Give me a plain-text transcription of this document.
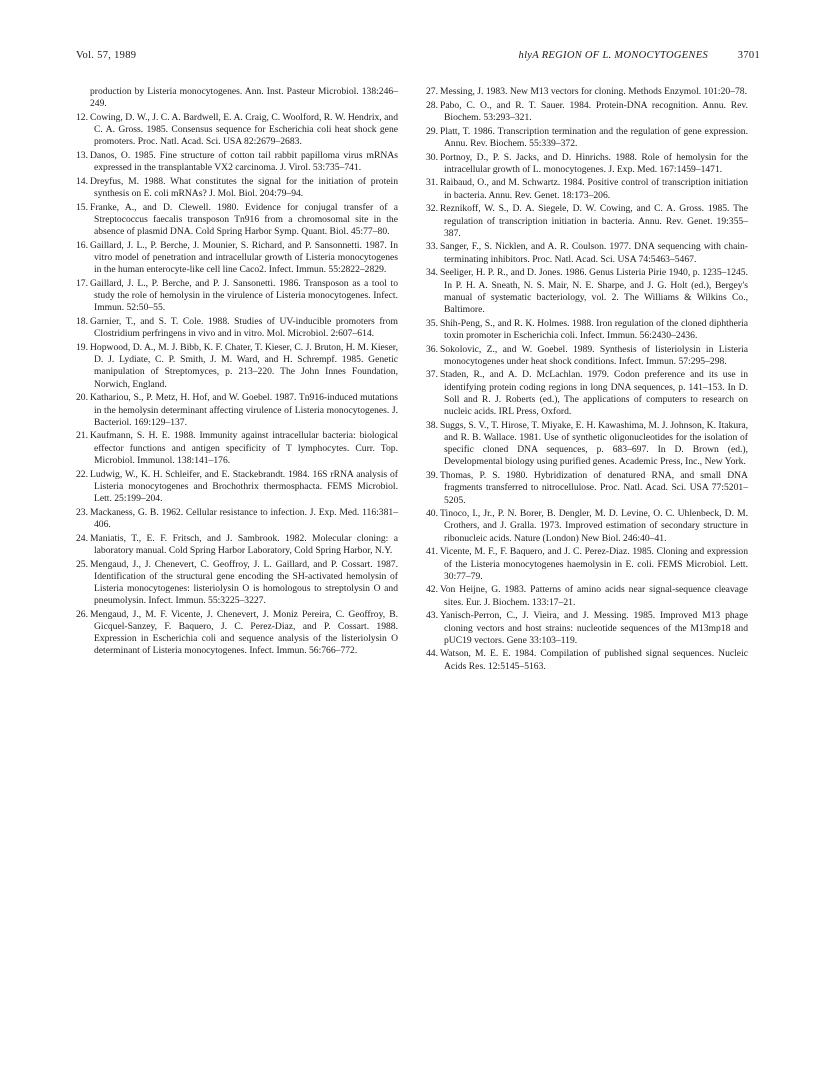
Vol. 57, 1989	hlyA REGION OF L. MONOCYTOGENES	3701

production by Listeria monocytogenes. Ann. Inst. Pasteur Microbiol. 138:246–249.

12. Cowing, D. W., J. C. A. Bardwell, E. A. Craig, C. Woolford, R. W. Hendrix, and C. A. Gross. 1985. Consensus sequence for Escherichia coli heat shock gene promoters. Proc. Natl. Acad. Sci. USA 82:2679–2683.

13. Danos, O. 1985. Fine structure of cotton tail rabbit papilloma virus mRNAs expressed in the transplantable VX2 carcinoma. J. Virol. 53:735–741.

14. Dreyfus, M. 1988. What constitutes the signal for the initiation of protein synthesis on E. coli mRNAs? J. Mol. Biol. 204:79–94.

15. Franke, A., and D. Clewell. 1980. Evidence for conjugal transfer of a Streptococcus faecalis transposon Tn916 from a chromosomal site in the absence of plasmid DNA. Cold Spring Harbor Symp. Quant. Biol. 45:77–80.

16. Gaillard, J. L., P. Berche, J. Mounier, S. Richard, and P. Sansonnetti. 1987. In vitro model of penetration and intracellular growth of Listeria monocytogenes in the human enterocyte-like cell line Caco2. Infect. Immun. 55:2822–2829.

17. Gaillard, J. L., P. Berche, and P. J. Sansonetti. 1986. Transposon as a tool to study the role of hemolysin in the virulence of Listeria monocytogenes. Infect. Immun. 52:50–55.

18. Garnier, T., and S. T. Cole. 1988. Studies of UV-inducible promoters from Clostridium perfringens in vivo and in vitro. Mol. Microbiol. 2:607–614.

19. Hopwood, D. A., M. J. Bibb, K. F. Chater, T. Kieser, C. J. Bruton, H. M. Kieser, D. J. Lydiate, C. P. Smith, J. M. Ward, and H. Schrempf. 1985. Genetic manipulation of Streptomyces, p. 213–220. The John Innes Foundation, Norwich, England.

20. Kathariou, S., P. Metz, H. Hof, and W. Goebel. 1987. Tn916-induced mutations in the hemolysin determinant affecting virulence of Listeria monocytogenes. J. Bacteriol. 169:129–137.

21. Kaufmann, S. H. E. 1988. Immunity against intracellular bacteria: biological effector functions and antigen specificity of T lymphocytes. Curr. Top. Microbiol. Immunol. 138:141–176.

22. Ludwig, W., K. H. Schleifer, and E. Stackebrandt. 1984. 16S rRNA analysis of Listeria monocytogenes and Brochothrix thermosphacta. FEMS Microbiol. Lett. 25:199–204.

23. Mackaness, G. B. 1962. Cellular resistance to infection. J. Exp. Med. 116:381–406.

24. Maniatis, T., E. F. Fritsch, and J. Sambrook. 1982. Molecular cloning: a laboratory manual. Cold Spring Harbor Laboratory, Cold Spring Harbor, N.Y.

25. Mengaud, J., J. Chenevert, C. Geoffroy, J. L. Gaillard, and P. Cossart. 1987. Identification of the structural gene encoding the SH-activated hemolysin of Listeria monocytogenes: listeriolysin O is homologous to streptolysin O and pneumolysin. Infect. Immun. 55:3225–3227.

26. Mengaud, J., M. F. Vicente, J. Chenevert, J. Moniz Pereira, C. Geoffroy, B. Gicquel-Sanzey, F. Baquero, J. C. Perez-Diaz, and P. Cossart. 1988. Expression in Escherichia coli and sequence analysis of the listeriolysin O determinant of Listeria monocytogenes. Infect. Immun. 56:766–772.

27. Messing, J. 1983. New M13 vectors for cloning. Methods Enzymol. 101:20–78.

28. Pabo, C. O., and R. T. Sauer. 1984. Protein-DNA recognition. Annu. Rev. Biochem. 53:293–321.

29. Platt, T. 1986. Transcription termination and the regulation of gene expression. Annu. Rev. Biochem. 55:339–372.

30. Portnoy, D., P. S. Jacks, and D. Hinrichs. 1988. Role of hemolysin for the intracellular growth of L. monocytogenes. J. Exp. Med. 167:1459–1471.

31. Raibaud, O., and M. Schwartz. 1984. Positive control of transcription initiation in bacteria. Annu. Rev. Genet. 18:173–206.

32. Reznikoff, W. S., D. A. Siegele, D. W. Cowing, and C. A. Gross. 1985. The regulation of transcription initiation in bacteria. Annu. Rev. Genet. 19:355–387.

33. Sanger, F., S. Nicklen, and A. R. Coulson. 1977. DNA sequencing with chain-terminating inhibitors. Proc. Natl. Acad. Sci. USA 74:5463–5467.

34. Seeliger, H. P. R., and D. Jones. 1986. Genus Listeria Pirie 1940, p. 1235–1245. In P. H. A. Sneath, N. S. Mair, N. E. Sharpe, and J. G. Holt (ed.), Bergey's manual of systematic bacteriology, vol. 2. The Williams & Wilkins Co., Baltimore.

35. Shih-Peng, S., and R. K. Holmes. 1988. Iron regulation of the cloned diphtheria toxin promoter in Escherichia coli. Infect. Immun. 56:2430–2436.

36. Sokolovic, Z., and W. Goebel. 1989. Synthesis of listeriolysin in Listeria monocytogenes under heat shock conditions. Infect. Immun. 57:295–298.

37. Staden, R., and A. D. McLachlan. 1979. Codon preference and its use in identifying protein coding regions in long DNA sequences, p. 141–153. In D. Soll and R. J. Roberts (ed.), The applications of computers to research on nucleic acids. IRL Press, Oxford.

38. Suggs, S. V., T. Hirose, T. Miyake, E. H. Kawashima, M. J. Johnson, K. Itakura, and R. B. Wallace. 1981. Use of synthetic oligonucleotides for the isolation of specific cloned DNA sequences, p. 683–697. In D. Brown (ed.), Developmental biology using purified genes. Academic Press, Inc., New York.

39. Thomas, P. S. 1980. Hybridization of denatured RNA, and small DNA fragments transferred to nitrocellulose. Proc. Natl. Acad. Sci. USA 77:5201–5205.

40. Tinoco, I., Jr., P. N. Borer, B. Dengler, M. D. Levine, O. C. Uhlenbeck, D. M. Crothers, and J. Gralla. 1973. Improved estimation of secondary structure in ribonucleic acids. Nature (London) New Biol. 246:40–41.

41. Vicente, M. F., F. Baquero, and J. C. Perez-Diaz. 1985. Cloning and expression of the Listeria monocytogenes haemolysin in E. coli. FEMS Microbiol. Lett. 30:77–79.

42. Von Heijne, G. 1983. Patterns of amino acids near signal-sequence cleavage sites. Eur. J. Biochem. 133:17–21.

43. Yanisch-Perron, C., J. Vieira, and J. Messing. 1985. Improved M13 phage cloning vectors and host strains: nucleotide sequences of the M13mp18 and pUC19 vectors. Gene 33:103–119.

44. Watson, M. E. E. 1984. Compilation of published signal sequences. Nucleic Acids Res. 12:5145–5163.
